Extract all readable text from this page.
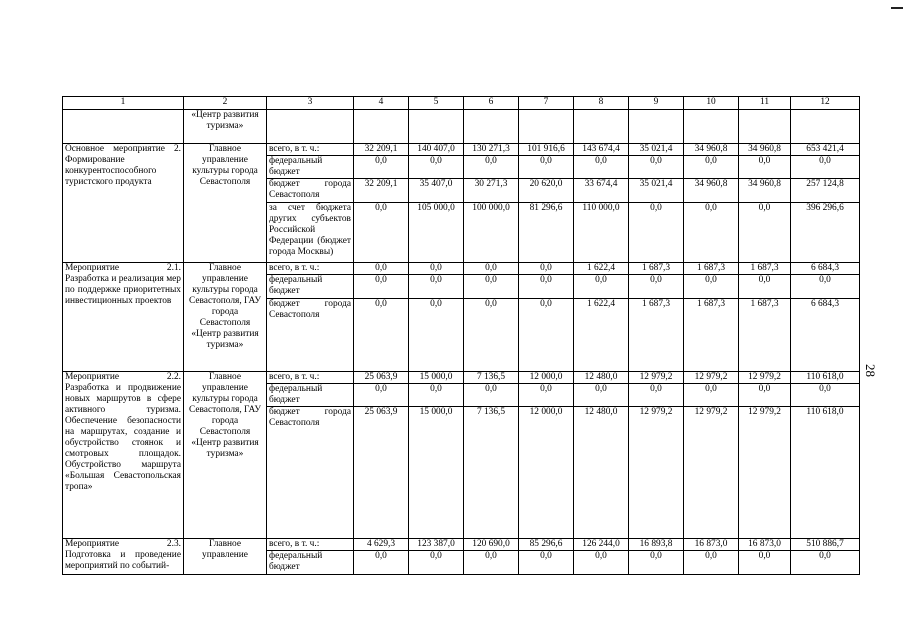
1	2	3	4	5	6	7	8	9	10	11	12
	«Центр развития туризма»										
Основное мероприятие 2. Формирование конкурентоспособного туристского продукта	Главное управление культуры города Севастополя	всего, в т. ч.:	32 209,1	140 407,0	130 271,3	101 916,6	143 674,4	35 021,4	34 960,8	34 960,8	653 421,4
		федеральный бюджет	0,0	0,0	0,0	0,0	0,0	0,0	0,0	0,0	0,0
		бюджет города Севастополя	32 209,1	35 407,0	30 271,3	20 620,0	33 674,4	35 021,4	34 960,8	34 960,8	257 124,8
		за счет бюджета других субъектов Российской Федерации (бюджет города Москвы)	0,0	105 000,0	100 000,0	81 296,6	110 000,0	0,0	0,0	0,0	396 296,6
Мероприятие 2.1. Разработка и реализация мер по поддержке приоритетных инвестиционных проектов	Главное управление культуры города Севастополя, ГАУ города Севастополя «Центр развития туризма»	всего, в т. ч.:	0,0	0,0	0,0	0,0	1 622,4	1 687,3	1 687,3	1 687,3	6 684,3
		федеральный бюджет	0,0	0,0	0,0	0,0	0,0	0,0	0,0	0,0	0,0
		бюджет города Севастополя	0,0	0,0	0,0	0,0	1 622,4	1 687,3	1 687,3	1 687,3	6 684,3
Мероприятие 2.2. Разработка и продвижение новых маршрутов в сфере активного туризма. Обеспечение безопасности на маршрутах, создание и обустройство стоянок и смотровых площадок. Обустройство маршрута «Большая Севастопольская тропа»	Главное управление культуры города Севастополя, ГАУ города Севастополя «Центр развития туризма»	всего, в т. ч.:	25 063,9	15 000,0	7 136,5	12 000,0	12 480,0	12 979,2	12 979,2	12 979,2	110 618,0
		федеральный бюджет	0,0	0,0	0,0	0,0	0,0	0,0	0,0	0,0	0,0
		бюджет города Севастополя	25 063,9	15 000,0	7 136,5	12 000,0	12 480,0	12 979,2	12 979,2	12 979,2	110 618,0
Мероприятие 2.3. Подготовка и проведение мероприятий по событий-	Главное управление	всего, в т. ч.:	4 629,3	123 387,0	120 690,0	85 296,6	126 244,0	16 893,8	16 873,0	16 873,0	510 886,7
		федеральный бюджет	0,0	0,0	0,0	0,0	0,0	0,0	0,0	0,0	0,0
28
